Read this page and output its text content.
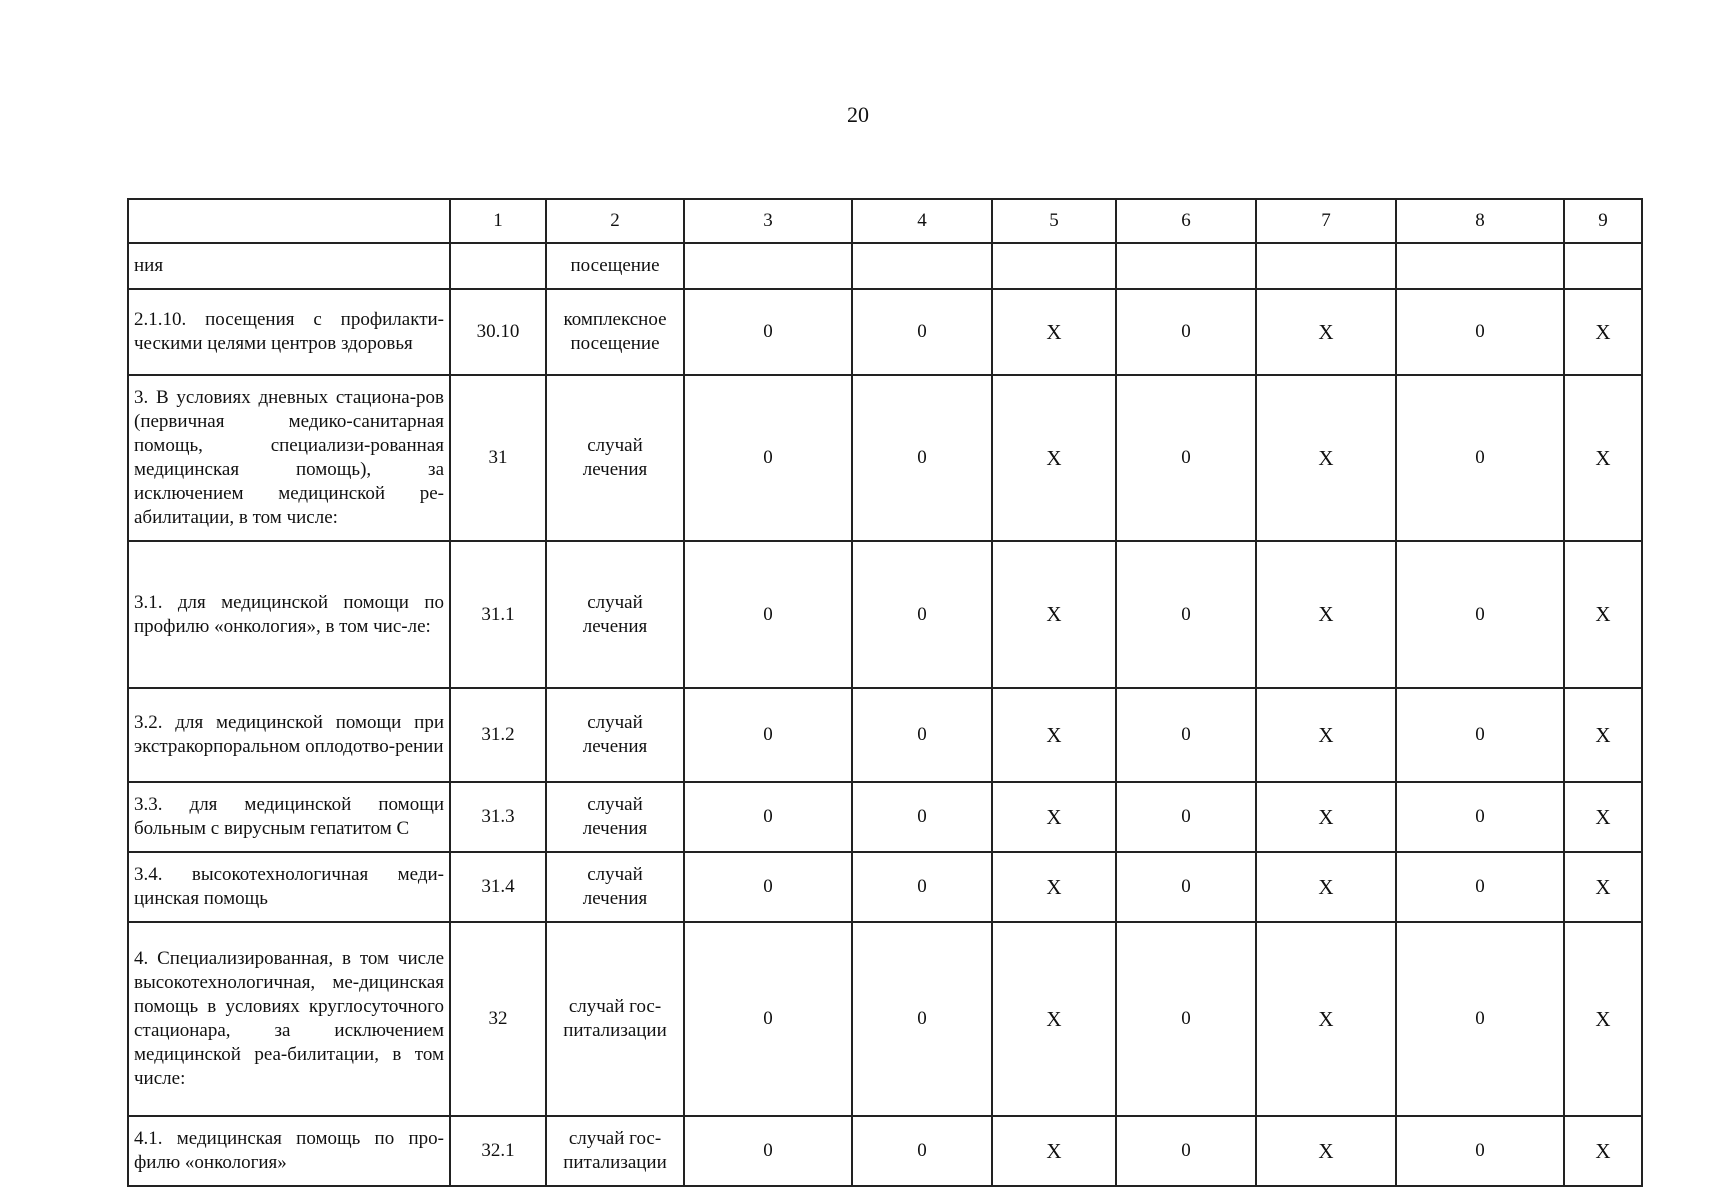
20
	1	2	3	4	5	6	7	8	9
ния		посещение							
2.1.10. посещения с профилакти-ческими целями центров здоровья	30.10	комплексное посещение	0	0	X	0	X	0	X
3. В условиях дневных стациона-ров (первичная медико-санитарная помощь, специализи-рованная медицинская помощь), за исключением медицинской ре-абилитации, в том числе:	31	случай лечения	0	0	X	0	X	0	X
3.1. для медицинской помощи по профилю «онкология», в том чис-ле:	31.1	случай лечения	0	0	X	0	X	0	X
3.2. для медицинской помощи при экстракорпоральном оплодотво-рении	31.2	случай лечения	0	0	X	0	X	0	X
3.3. для медицинской помощи больным с вирусным гепатитом С	31.3	случай лечения	0	0	X	0	X	0	X
3.4. высокотехнологичная меди-цинская помощь	31.4	случай лечения	0	0	X	0	X	0	X
4. Специализированная, в том числе высокотехнологичная, ме-дицинская помощь в условиях круглосуточного стационара, за исключением медицинской реа-билитации, в том числе:	32	случай гос-питализации	0	0	X	0	X	0	X
4.1. медицинская помощь по про-филю «онкология»	32.1	случай гос-питализации	0	0	X	0	X	0	X
